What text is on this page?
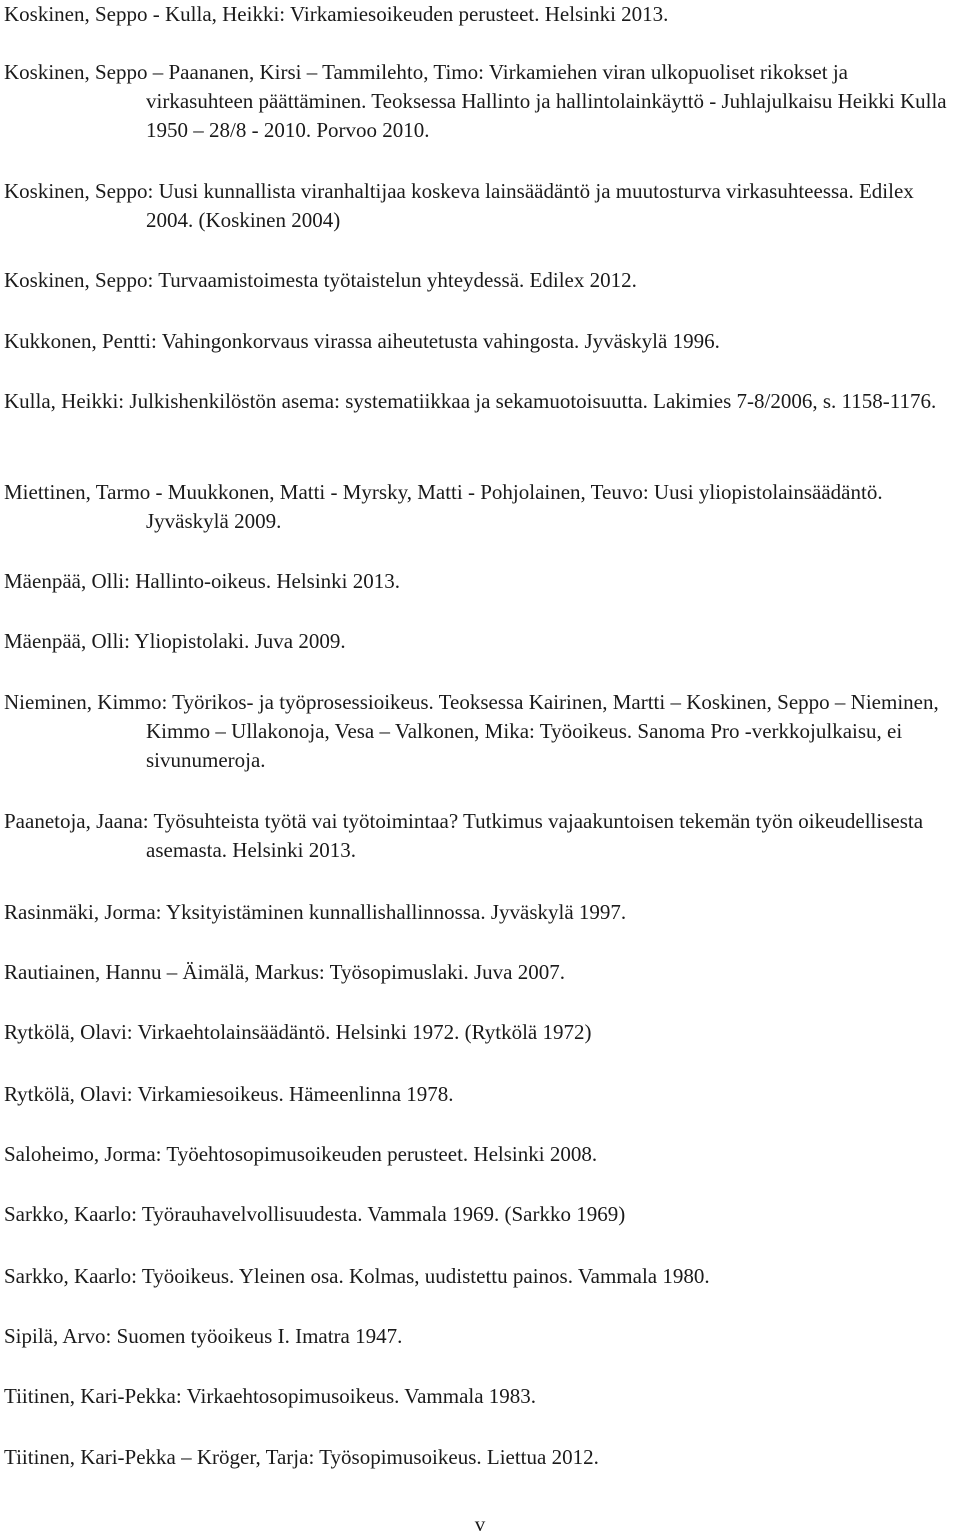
Koskinen, Seppo - Kulla, Heikki: Virkamiesoikeuden perusteet. Helsinki 2013.
Koskinen, Seppo – Paananen, Kirsi – Tammilehto, Timo: Virkamiehen viran ulkopuoliset rikokset ja virkasuhteen päättäminen. Teoksessa Hallinto ja hallintolainkäyttö - Juhlajulkaisu Heikki Kulla 1950 – 28/8 - 2010. Porvoo 2010.
Koskinen, Seppo: Uusi kunnallista viranhaltijaa koskeva lainsäädäntö ja muutosturva virkasuhteessa. Edilex 2004. (Koskinen 2004)
Koskinen, Seppo: Turvaamistoimesta työtaistelun yhteydessä. Edilex 2012.
Kukkonen, Pentti: Vahingonkorvaus virassa aiheutetusta vahingosta. Jyväskylä 1996.
Kulla, Heikki: Julkishenkilöstön asema: systematiikkaa ja sekamuotoisuutta. Lakimies 7-8/2006, s. 1158-1176.
Miettinen, Tarmo - Muukkonen, Matti - Myrsky, Matti - Pohjolainen, Teuvo: Uusi yliopistolainsäädäntö. Jyväskylä 2009.
Mäenpää, Olli: Hallinto-oikeus. Helsinki 2013.
Mäenpää, Olli: Yliopistolaki. Juva 2009.
Nieminen, Kimmo: Työrikos- ja työprosessioikeus. Teoksessa Kairinen, Martti – Koskinen, Seppo – Nieminen, Kimmo – Ullakonoja, Vesa – Valkonen, Mika: Työoikeus. Sanoma Pro -verkkojulkaisu, ei sivunumeroja.
Paanetoja, Jaana: Työsuhteista työtä vai työtoimintaa? Tutkimus vajaakuntoisen tekemän työn oikeudellisesta asemasta. Helsinki 2013.
Rasinmäki, Jorma: Yksityistäminen kunnallishallinnossa. Jyväskylä 1997.
Rautiainen, Hannu – Äimälä, Markus: Työsopimuslaki. Juva 2007.
Rytkölä, Olavi: Virkaehtolainsäädäntö. Helsinki 1972. (Rytkölä 1972)
Rytkölä, Olavi: Virkamiesoikeus. Hämeenlinna 1978.
Saloheimo, Jorma: Työehtosopimusoikeuden perusteet. Helsinki 2008.
Sarkko, Kaarlo: Työrauhavelvollisuudesta. Vammala 1969. (Sarkko 1969)
Sarkko, Kaarlo: Työoikeus. Yleinen osa. Kolmas, uudistettu painos. Vammala 1980.
Sipilä, Arvo: Suomen työoikeus I. Imatra 1947.
Tiitinen, Kari-Pekka: Virkaehtosopimusoikeus. Vammala 1983.
Tiitinen, Kari-Pekka – Kröger, Tarja: Työsopimusoikeus. Liettua 2012.
v
